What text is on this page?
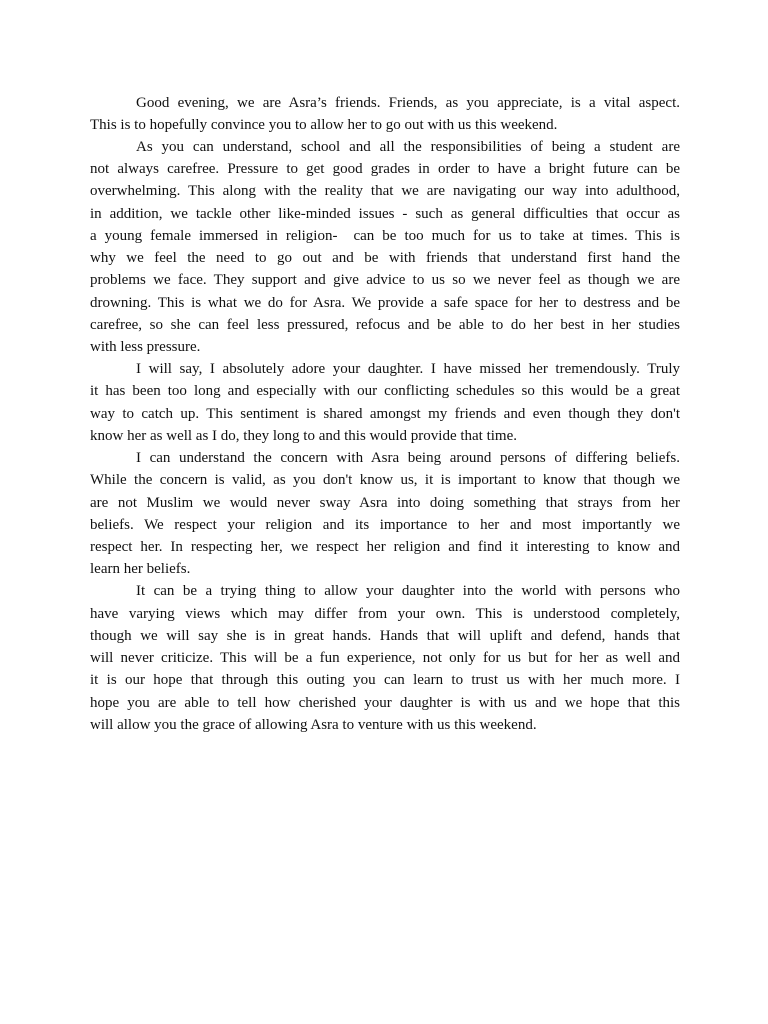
Good evening, we are Asra’s friends. Friends, as you appreciate, is a vital aspect.
This is to hopefully convince you to allow her to go out with us this weekend.
As you can understand, school and all the responsibilities of being a student are
not always carefree. Pressure to get good grades in order to have a bright future can be
overwhelming. This along with the reality that we are navigating our way into adulthood,
in addition, we tackle other like-minded issues - such as general difficulties that occur as
a young female immersed in religion-  can be too much for us to take at times. This is
why we feel the need to go out and be with friends that understand first hand the
problems we face. They support and give advice to us so we never feel as though we are
drowning. This is what we do for Asra. We provide a safe space for her to destress and be
carefree, so she can feel less pressured, refocus and be able to do her best in her studies
with less pressure.
I will say, I absolutely adore your daughter. I have missed her tremendously. Truly
it has been too long and especially with our conflicting schedules so this would be a great
way to catch up. This sentiment is shared amongst my friends and even though they don't
know her as well as I do, they long to and this would provide that time.
I can understand the concern with Asra being around persons of differing beliefs.
While the concern is valid, as you don't know us, it is important to know that though we
are not Muslim we would never sway Asra into doing something that strays from her
beliefs. We respect your religion and its importance to her and most importantly we
respect her. In respecting her, we respect her religion and find it interesting to know and
learn her beliefs.
It can be a trying thing to allow your daughter into the world with persons who
have varying views which may differ from your own. This is understood completely,
though we will say she is in great hands. Hands that will uplift and defend, hands that
will never criticize. This will be a fun experience, not only for us but for her as well and
it is our hope that through this outing you can learn to trust us with her much more. I
hope you are able to tell how cherished your daughter is with us and we hope that this
will allow you the grace of allowing Asra to venture with us this weekend.
